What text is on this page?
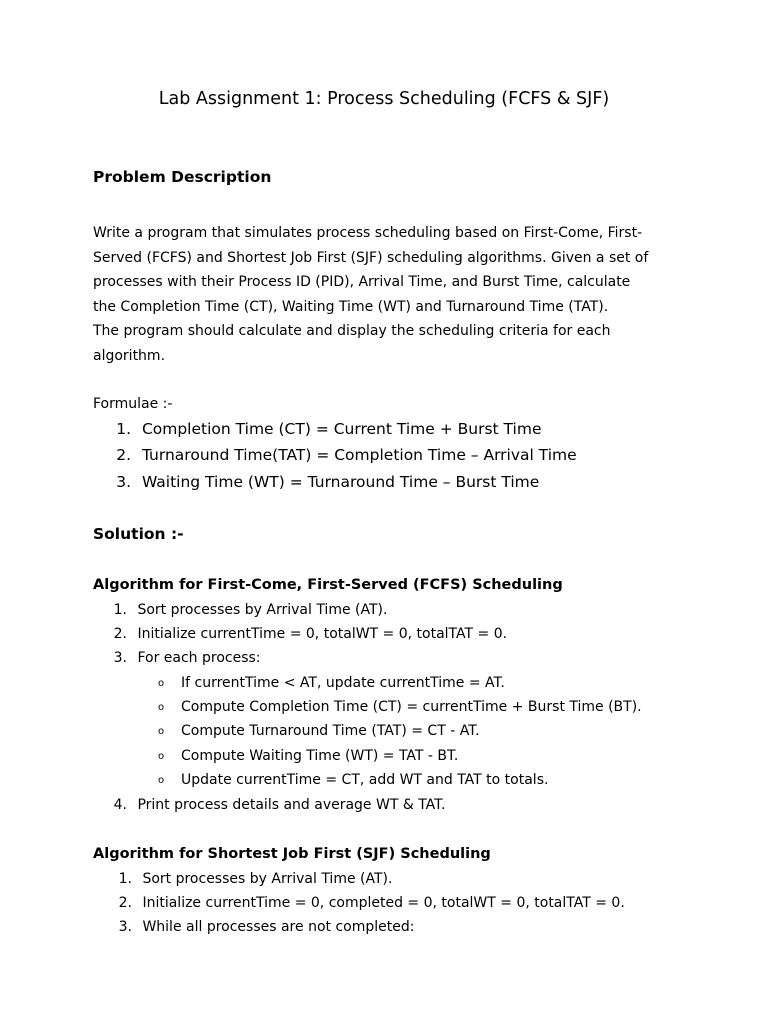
Lab Assignment 1: Process Scheduling (FCFS & SJF)
Problem Description
Write a program that simulates process scheduling based on First-Come, First-
Served (FCFS) and Shortest Job First (SJF) scheduling algorithms. Given a set of
processes with their Process ID (PID), Arrival Time, and Burst Time, calculate
the Completion Time (CT), Waiting Time (WT) and Turnaround Time (TAT).
The program should calculate and display the scheduling criteria for each
algorithm.
Formulae :-
1. Completion Time (CT) = Current Time + Burst Time
2. Turnaround Time(TAT) = Completion Time – Arrival Time
3. Waiting Time (WT) = Turnaround Time – Burst Time
Solution :-
Algorithm for First-Come, First-Served (FCFS) Scheduling
1. Sort processes by Arrival Time (AT).
2. Initialize currentTime = 0, totalWT = 0, totalTAT = 0.
3. For each process:
o If currentTime < AT, update currentTime = AT.
o Compute Completion Time (CT) = currentTime + Burst Time (BT).
o Compute Turnaround Time (TAT) = CT - AT.
o Compute Waiting Time (WT) = TAT - BT.
o Update currentTime = CT, add WT and TAT to totals.
4. Print process details and average WT & TAT.
Algorithm for Shortest Job First (SJF) Scheduling
1. Sort processes by Arrival Time (AT).
2. Initialize currentTime = 0, completed = 0, totalWT = 0, totalTAT = 0.
3. While all processes are not completed:
